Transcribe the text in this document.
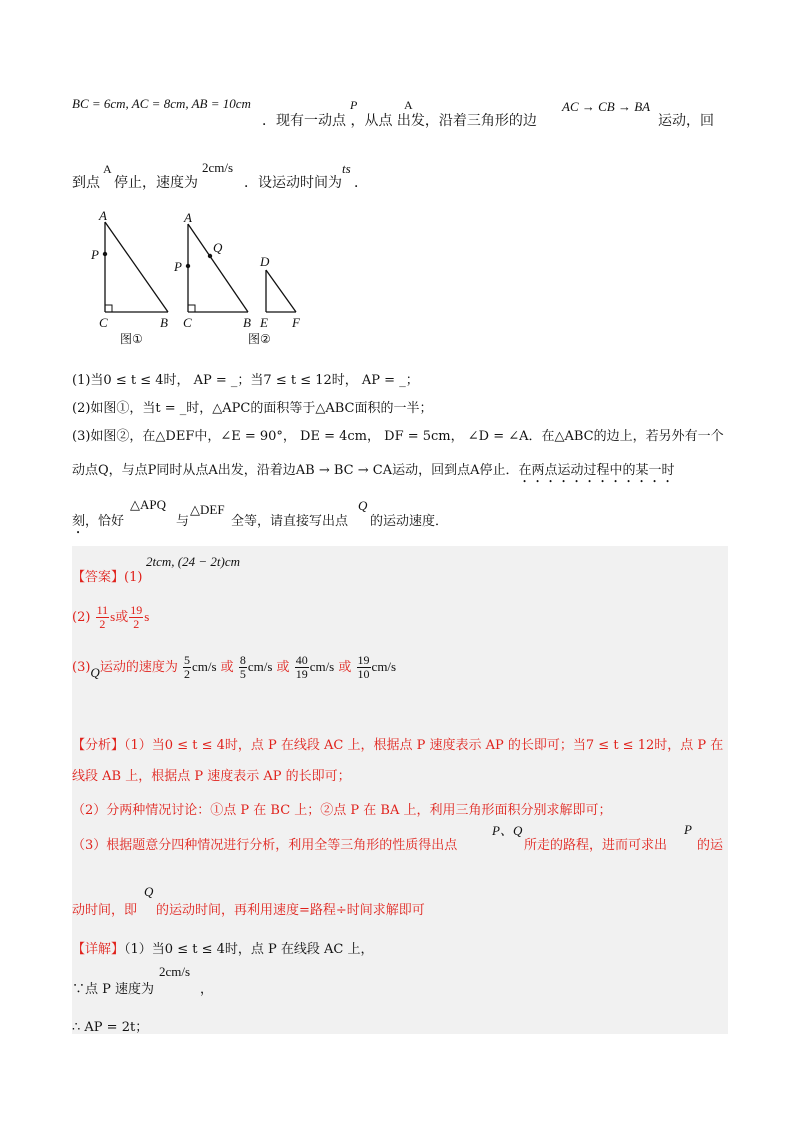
BC = 6cm, AC = 8cm, AB = 10cm
．现有一动点 ，从点 出发，沿着三角形的边
P	A	AC → CB → BA
运动，回
到点
A
停止，速度为
2cm/s
．设运动时间为
ts
．
A
P
C	B
图①
A
Q
P
C	B
D
E F
图②
(1)当0 ≤ t ≤ 4时， AP = _；当7 ≤ t ≤ 12时， AP = _；
(2)如图①，当t = _时，△APC的面积等于△ABC面积的一半；
(3)如图②，在△DEF中，∠E = 90°， DE = 4cm， DF = 5cm， ∠D = ∠A．在△ABC的边上，若另外有一个
动点Q，与点P同时从点A出发，沿着边AB → BC → CA运动，回到点A停止．在两点运动过程中的某一时
刻，恰好
△APQ
与
△DEF
全等，请直接写出点
Q
的运动速度．
【答案】(1)
2tcm, (24 − 2t)cm
$(2) \frac{11}{2}$ s或 $\frac{19}{2}$ s
(3)Q运动的速度为 $\frac{5}{2} cm/s$ 或 $\frac{8}{5} cm/s$ 或 $\frac{40}{19} cm/s$ 或 $\frac{19}{10} cm/s$
【分析】（1）当0 ≤ t ≤ 4时，点 P 在线段 AC 上，根据点 P 速度表示 AP 的长即可；当7 ≤ t ≤ 12时，点 P 在
线段 AB 上，根据点 P 速度表示 AP 的长即可；
（2）分两种情况讨论：①点 P 在 BC 上；②点 P 在 BA 上，利用三角形面积分别求解即可；
（3）根据题意分四种情况进行分析，利用全等三角形的性质得出点
P、Q
所走的路程，进而可求出
P
的运
动时间，即
Q
的运动时间，再利用速度=路程÷时间求解即可
【详解】（1）当0 ≤ t ≤ 4时，点 P 在线段 AC 上，
∵点 P 速度为
2cm/s
，
∴ AP = 2t；
